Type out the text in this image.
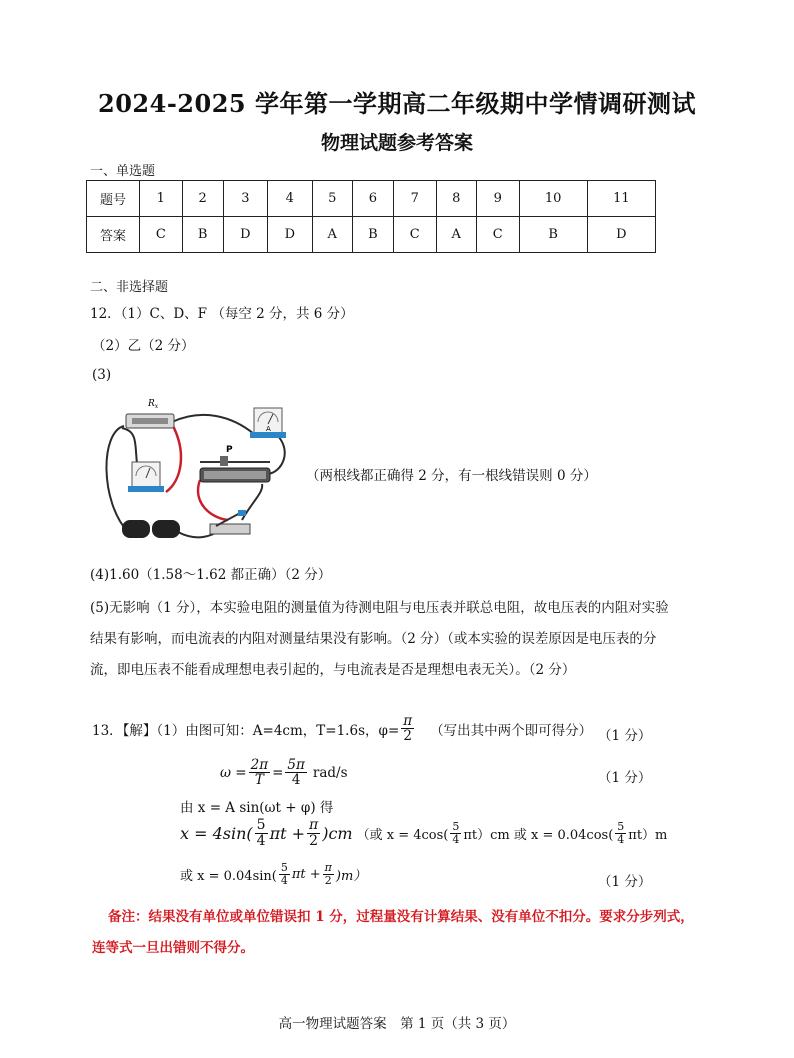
2024-2025 学年第一学期高二年级期中学情调研测试
物理试题参考答案
一、单选题
题号	1	2	3	4	5	6	7	8	9	10	11
答案	C	B	D	D	A	B	C	A	C	B	D
二、非选择题
12．（1）C、D、F （每空 2 分，共 6 分）
（2）乙（2 分）
(3)
$R_x$
A
P
（两根线都正确得 2 分，有一根线错误则 0 分）
(4)1.60（1.58～1.62 都正确）（2 分）
(5)无影响（1 分），本实验电阻的测量值为待测电阻与电压表并联总电阻，故电压表的内阻对实验
结果有影响，而电流表的内阻对测量结果没有影响。（2 分）（或本实验的误差原因是电压表的分
流，即电压表不能看成理想电表引起的，与电流表是否是理想电表无关）。（2 分）
13．【解】（1）由图可知：A=4cm，T=1.6s，$\varphi= \frac{\pi}{2}$ （写出其中两个即可得分） （1 分）
$\omega = \frac{2\pi}{T} = \frac{5\pi}{4} rad/s$	（1 分）
由 x = A sin(ωt + φ) 得
$x = 4\sin( \frac{5}{4}$ $\pi t + \frac{\pi}{2} )cm$ （或 $x = 4\cos( \frac{5}{4} \pi t)cm$ 或 $x = 0.04\cos( \frac{5}{4} \pi t)m$
或 $x = 0.04\sin( \frac{5}{4}$ $\pi t + \frac{\pi}{2} )m$）	（1 分）
备注：结果没有单位或单位错误扣 1 分，过程量没有计算结果、没有单位不扣分。要求分步列式，
连等式一旦出错则不得分。
高一物理试题答案　第 1 页（共 3 页）
